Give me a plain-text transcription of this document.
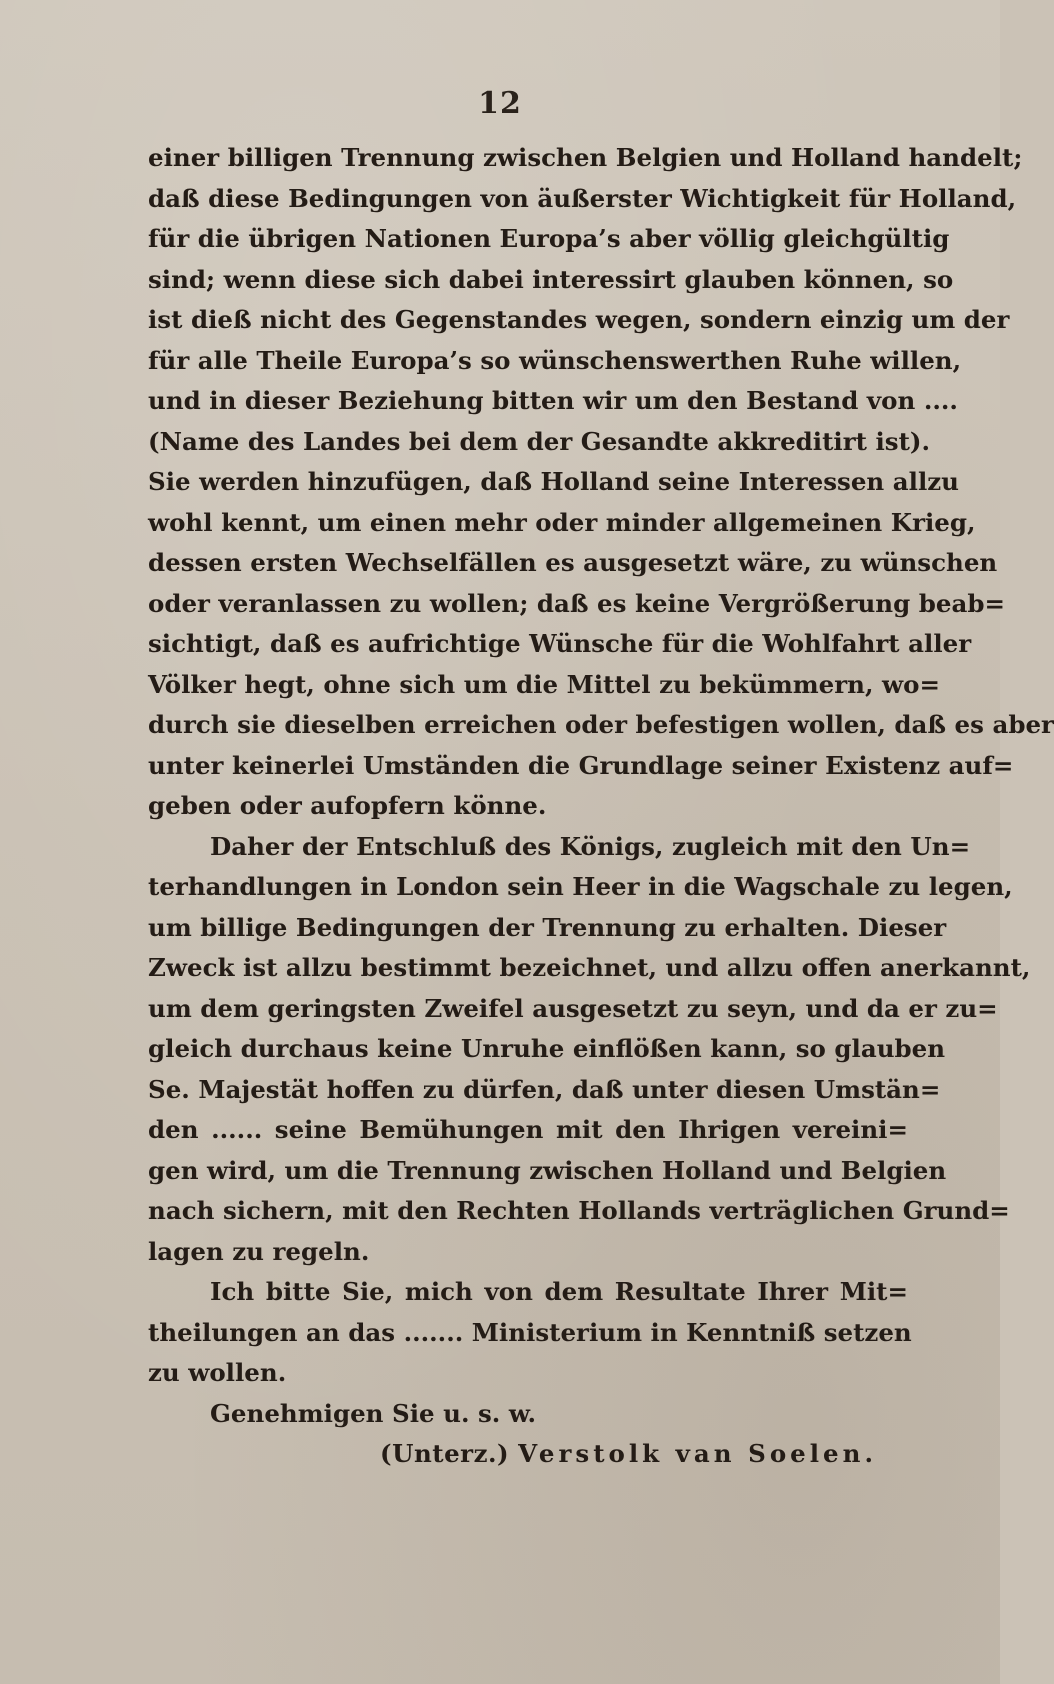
12
einer billigen Trennung zwischen Belgien und Holland handelt;
daß diese Bedingungen von äußerster Wichtigkeit für Holland,
für die übrigen Nationen Europa’s aber völlig gleichgültig
sind; wenn diese sich dabei interessirt glauben können, so
ist dieß nicht des Gegenstandes wegen, sondern einzig um der
für alle Theile Europa’s so wünschenswerthen Ruhe willen,
und in dieser Beziehung bitten wir um den Bestand von ....
(Name des Landes bei dem der Gesandte akkreditirt ist).
Sie werden hinzufügen, daß Holland seine Interessen allzu
wohl kennt, um einen mehr oder minder allgemeinen Krieg,
dessen ersten Wechselfällen es ausgesetzt wäre, zu wünschen
oder veranlassen zu wollen; daß es keine Vergrößerung beab=
sichtigt, daß es aufrichtige Wünsche für die Wohlfahrt aller
Völker hegt, ohne sich um die Mittel zu bekümmern, wo=
durch sie dieselben erreichen oder befestigen wollen, daß es aber
unter keinerlei Umständen die Grundlage seiner Existenz auf=
geben oder aufopfern könne.
Daher der Entschluß des Königs, zugleich mit den Un=
terhandlungen in London sein Heer in die Wagschale zu legen,
um billige Bedingungen der Trennung zu erhalten. Dieser
Zweck ist allzu bestimmt bezeichnet, und allzu offen anerkannt,
um dem geringsten Zweifel ausgesetzt zu seyn, und da er zu=
gleich durchaus keine Unruhe einflößen kann, so glauben
Se. Majestät hoffen zu dürfen, daß unter diesen Umstän=
den ...... seine Bemühungen mit den Ihrigen vereini=
gen wird, um die Trennung zwischen Holland und Belgien
nach sichern, mit den Rechten Hollands verträglichen Grund=
lagen zu regeln.
Ich bitte Sie, mich von dem Resultate Ihrer Mit=
theilungen an das ....... Ministerium in Kenntniß setzen
zu wollen.
Genehmigen Sie u. s. w.
(Unterz.) Verstolk van Soelen.
